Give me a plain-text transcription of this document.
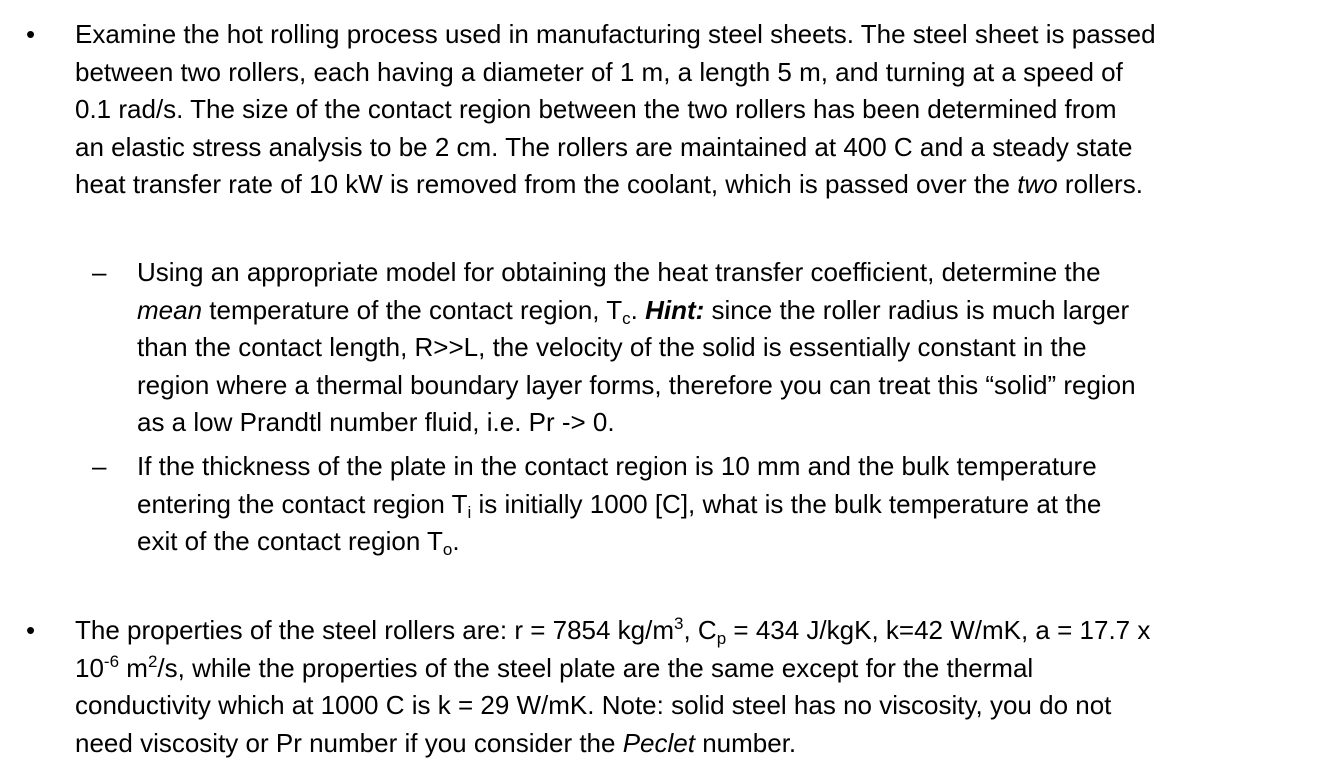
• Examine the hot rolling process used in manufacturing steel sheets. The steel sheet is passed
between two rollers, each having a diameter of 1 m, a length 5 m, and turning at a speed of
0.1 rad/s. The size of the contact region between the two rollers has been determined from
an elastic stress analysis to be 2 cm. The rollers are maintained at 400 C and a steady state
heat transfer rate of 10 kW is removed from the coolant, which is passed over the two rollers.
– Using an appropriate model for obtaining the heat transfer coefficient, determine the
mean temperature of the contact region, $T_c$. Hint: since the roller radius is much larger
than the contact length, R>>L, the velocity of the solid is essentially constant in the
region where a thermal boundary layer forms, therefore you can treat this “solid” region
as a low Prandtl number fluid, i.e. Pr -> 0.
– If the thickness of the plate in the contact region is 10 mm and the bulk temperature
entering the contact region $T_i$ is initially 1000 [C], what is the bulk temperature at the
exit of the contact region $T_o$.
• The properties of the steel rollers are: r = 7854 $kg/m^3$, $C_p = 434$ J/kgK, k=42 W/mK, a = 17.7 x
$10^{-6}$ $m^2/s$, while the properties of the steel plate are the same except for the thermal
conductivity which at 1000 C is k = 29 W/mK. Note: solid steel has no viscosity, you do not
need viscosity or Pr number if you consider the Peclet number.
